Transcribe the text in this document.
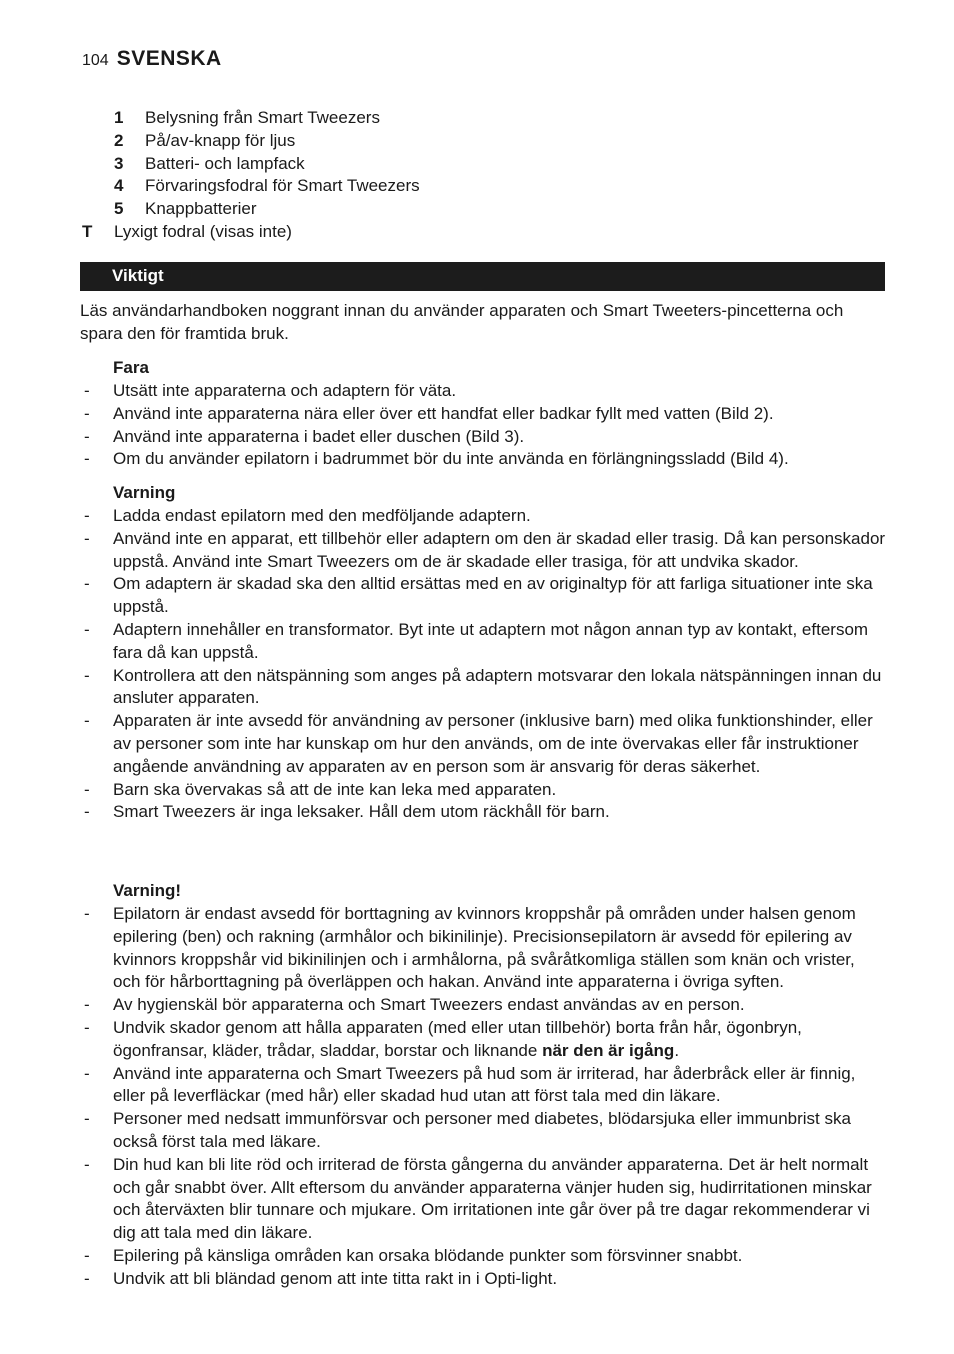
104 SVENSKA
1 Belysning från Smart Tweezers
2 På/av-knapp för ljus
3 Batteri- och lampfack
4 Förvaringsfodral för Smart Tweezers
5 Knappbatterier
T Lyxigt fodral (visas inte)
Viktigt
Läs användarhandboken noggrant innan du använder apparaten och Smart Tweeters-pincetterna och spara den för framtida bruk.
Fara
- Utsätt inte apparaterna och adaptern för väta.
- Använd inte apparaterna nära eller över ett handfat eller badkar fyllt med vatten (Bild 2).
- Använd inte apparaterna i badet eller duschen (Bild 3).
- Om du använder epilatorn i badrummet bör du inte använda en förlängningssladd (Bild 4).
Varning
- Ladda endast epilatorn med den medföljande adaptern.
- Använd inte en apparat, ett tillbehör eller adaptern om den är skadad eller trasig. Då kan personskador uppstå. Använd inte Smart Tweezers om de är skadade eller trasiga, för att undvika skador.
- Om adaptern är skadad ska den alltid ersättas med en av originaltyp för att farliga situationer inte ska uppstå.
- Adaptern innehåller en transformator. Byt inte ut adaptern mot någon annan typ av kontakt, eftersom fara då kan uppstå.
- Kontrollera att den nätspänning som anges på adaptern motsvarar den lokala nätspänningen innan du ansluter apparaten.
- Apparaten är inte avsedd för användning av personer (inklusive barn) med olika funktionshinder, eller av personer som inte har kunskap om hur den används, om de inte övervakas eller får instruktioner angående användning av apparaten av en person som är ansvarig för deras säkerhet.
- Barn ska övervakas så att de inte kan leka med apparaten.
- Smart Tweezers är inga leksaker. Håll dem utom räckhåll för barn.
Varning!
- Epilatorn är endast avsedd för borttagning av kvinnors kroppshår på områden under halsen genom epilering (ben) och rakning (armhålor och bikinilinje). Precisionsepilatorn är avsedd för epilering av kvinnors kroppshår vid bikinilinjen och i armhålorna, på svåråtkomliga ställen som knän och vrister, och för hårborttagning på överläppen och hakan. Använd inte apparaterna i övriga syften.
- Av hygienskäl bör apparaterna och Smart Tweezers endast användas av en person.
- Undvik skador genom att hålla apparaten (med eller utan tillbehör) borta från hår, ögonbryn, ögonfransar, kläder, trådar, sladdar, borstar och liknande när den är igång.
- Använd inte apparaterna och Smart Tweezers på hud som är irriterad, har åderbråck eller är finnig, eller på leverfläckar (med hår) eller skadad hud utan att först tala med din läkare.
- Personer med nedsatt immunförsvar och personer med diabetes, blödarsjuka eller immunbrist ska också först tala med läkare.
- Din hud kan bli lite röd och irriterad de första gångerna du använder apparaterna. Det är helt normalt och går snabbt över. Allt eftersom du använder apparaterna vänjer huden sig, hudirritationen minskar och återväxten blir tunnare och mjukare. Om irritationen inte går över på tre dagar rekommenderar vi dig att tala med din läkare.
- Epilering på känsliga områden kan orsaka blödande punkter som försvinner snabbt.
- Undvik att bli bländad genom att inte titta rakt in i Opti-light.
